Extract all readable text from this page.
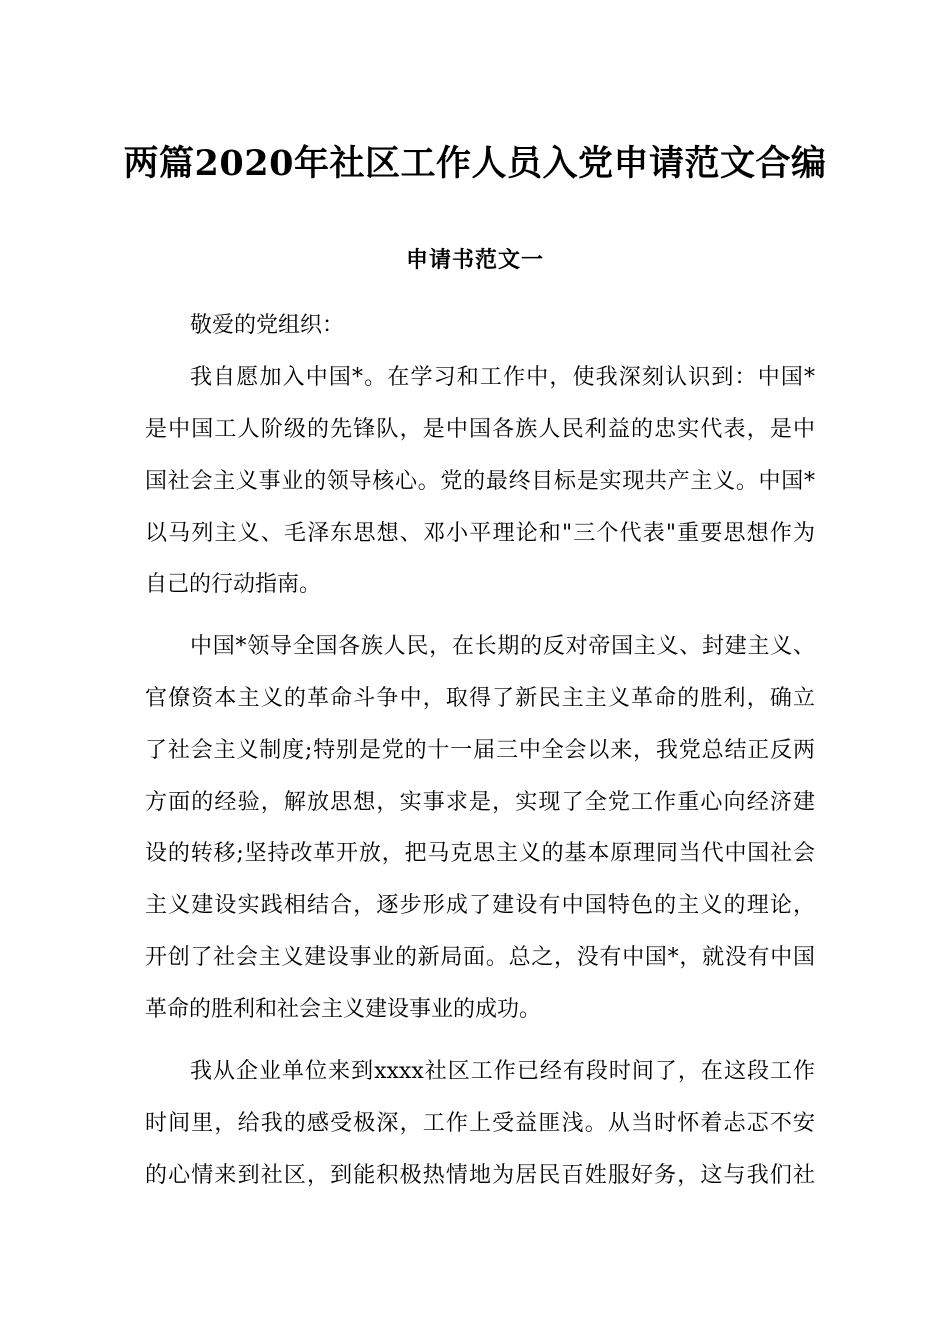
两篇2020年社区工作人员入党申请范文合编
申请书范文一
敬爱的党组织：
我自愿加入中国*。在学习和工作中，使我深刻认识到：中国*
是中国工人阶级的先锋队，是中国各族人民利益的忠实代表，是中
国社会主义事业的领导核心。党的最终目标是实现共产主义。中国*
以马列主义、毛泽东思想、邓小平理论和"三个代表"重要思想作为
自己的行动指南。
中国*领导全国各族人民，在长期的反对帝国主义、封建主义、
官僚资本主义的革命斗争中，取得了新民主主义革命的胜利，确立
了社会主义制度;特别是党的十一届三中全会以来，我党总结正反两
方面的经验，解放思想，实事求是，实现了全党工作重心向经济建
设的转移;坚持改革开放，把马克思主义的基本原理同当代中国社会
主义建设实践相结合，逐步形成了建设有中国特色的主义的理论，
开创了社会主义建设事业的新局面。总之，没有中国*，就没有中国
革命的胜利和社会主义建设事业的成功。
我从企业单位来到xxxx社区工作已经有段时间了，在这段工作
时间里，给我的感受极深，工作上受益匪浅。从当时怀着忐忑不安
的心情来到社区，到能积极热情地为居民百姓服好务，这与我们社
